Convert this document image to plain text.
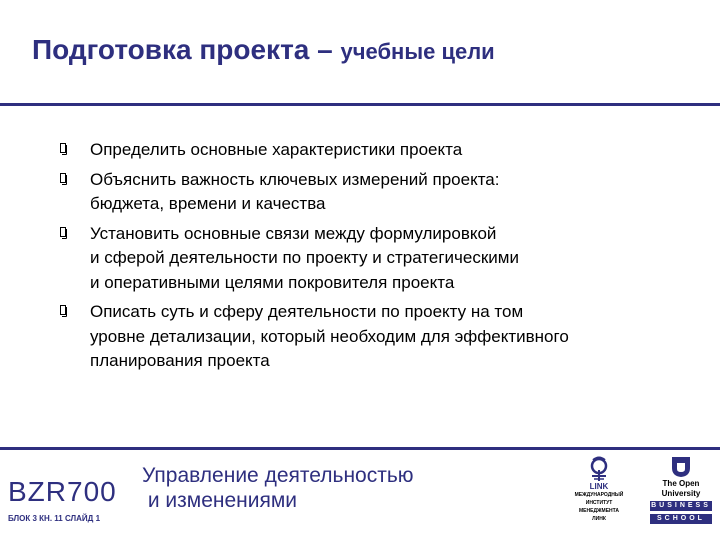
Подготовка проекта – учебные цели
Определить основные характеристики проекта
Объяснить важность ключевых измерений проекта:
бюджета, времени и качества
Установить основные связи между формулировкой
и сферой деятельности по проекту и стратегическими
и оперативными целями покровителя проекта
Описать суть и сферу деятельности по проекту на том
уровне детализации, который необходим для эффективного
планирования проекта
BZR700
БЛОК 3 КН. 11 СЛАЙД 1
Управление деятельностью
и изменениями
LINK
МЕЖДУНАРОДНЫЙ
ИНСТИТУТ
МЕНЕДЖМЕНТА
ЛИНК
The Open
University
BUSINESS
SCHOOL
